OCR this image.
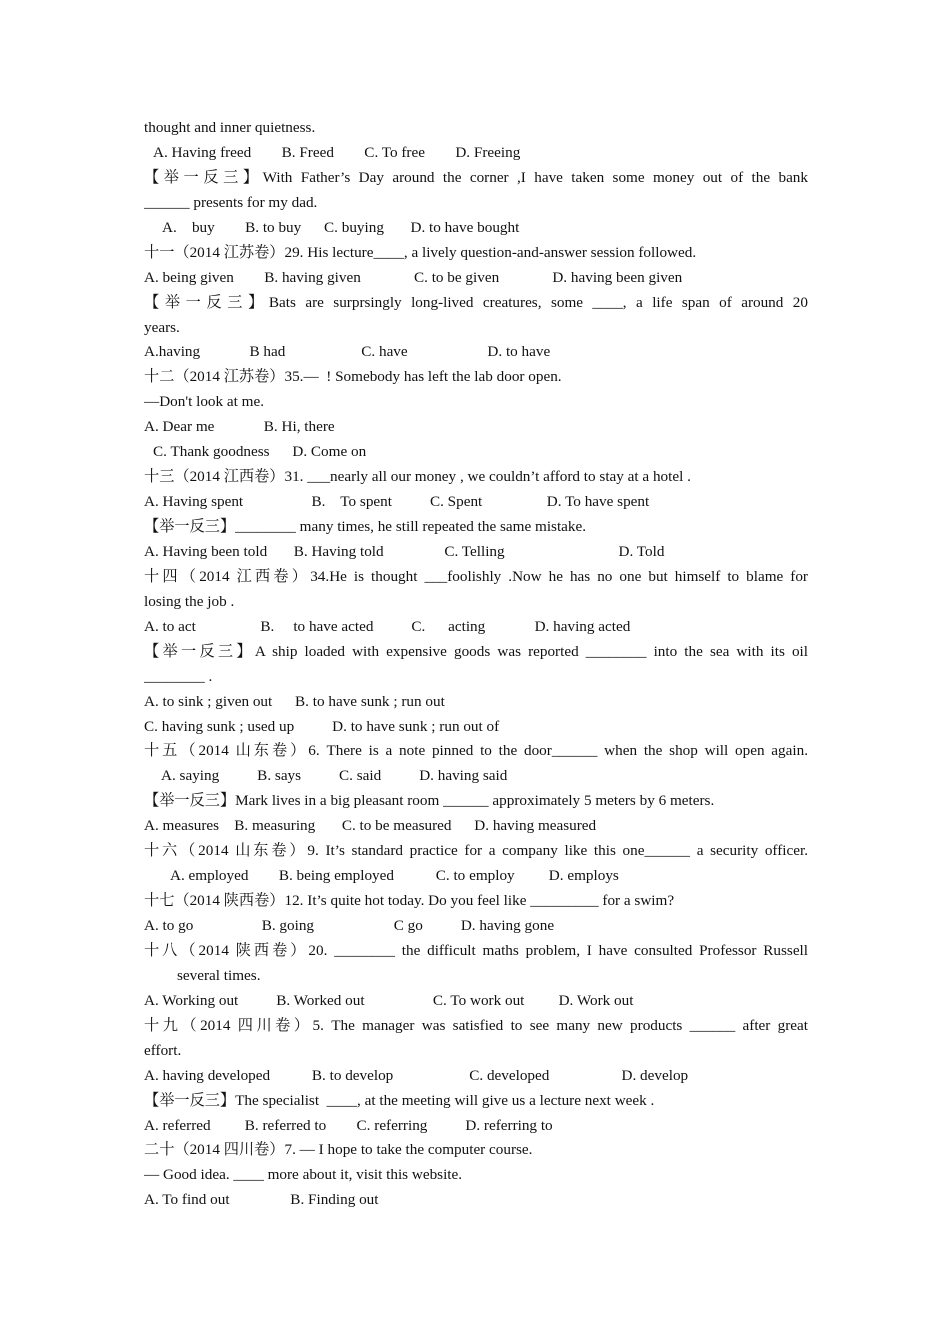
thought and inner quietness.
A. Having freed        B. Freed        C. To free        D. Freeing
【举一反三】With Father’s Day around the corner ,I have taken some money out of the bank
______ presents for my dad.
A.    buy        B. to buy      C. buying       D. to have bought
十一（2014 江苏卷）29. His lecture____, a lively question-and-answer session followed.
A. being given        B. having given              C. to be given              D. having been given
【举一反三】Bats are surprsingly long-lived creatures, some ____, a life span of around 20
years.
A.having             B had                    C. have                     D. to have
十二（2014 江苏卷）35.—  ! Somebody has left the lab door open.
—Don't look at me.
A. Dear me             B. Hi, there
C. Thank goodness      D. Come on
十三（2014 江西卷）31. ___nearly all our money , we couldn’t afford to stay at a hotel .
A. Having spent                  B.    To spent          C. Spent                 D. To have spent
【举一反三】________ many times, he still repeated the same mistake.
A. Having been told       B. Having told                C. Telling                              D. Told
十四（2014 江西卷）34.He is thought ___foolishly .Now he has no one but himself to blame for
losing the job .
A. to act                 B.     to have acted          C.      acting             D. having acted
【举一反三】A ship loaded with expensive goods was reported ________ into the sea with its oil
________ .
A. to sink ; given out      B. to have sunk ; run out
C. having sunk ; used up          D. to have sunk ; run out of
十五（2014 山东卷）6. There is a note pinned to the door______ when the shop will open again.
A. saying          B. says          C. said          D. having said
【举一反三】Mark lives in a big pleasant room ______ approximately 5 meters by 6 meters.
A. measures    B. measuring       C. to be measured      D. having measured
十六（2014 山东卷）9. It’s standard practice for a company like this one______ a security officer.
A. employed        B. being employed           C. to employ         D. employs
十七（2014 陕西卷）12. It’s quite hot today. Do you feel like _________ for a swim?
A. to go                  B. going                     C go          D. having gone
十八（2014 陕西卷）20. ________ the difficult maths problem, I have consulted Professor Russell
several times.
A. Working out          B. Worked out                  C. To work out         D. Work out
十九（2014 四川卷）5. The manager was satisfied to see many new products ______ after great
effort.
A. having developed           B. to develop                    C. developed                   D. develop
【举一反三】The specialist  ____, at the meeting will give us a lecture next week .
A. referred         B. referred to        C. referring          D. referring to
二十（2014 四川卷）7. — I hope to take the computer course.
— Good idea. ____ more about it, visit this website.
A. To find out                B. Finding out
